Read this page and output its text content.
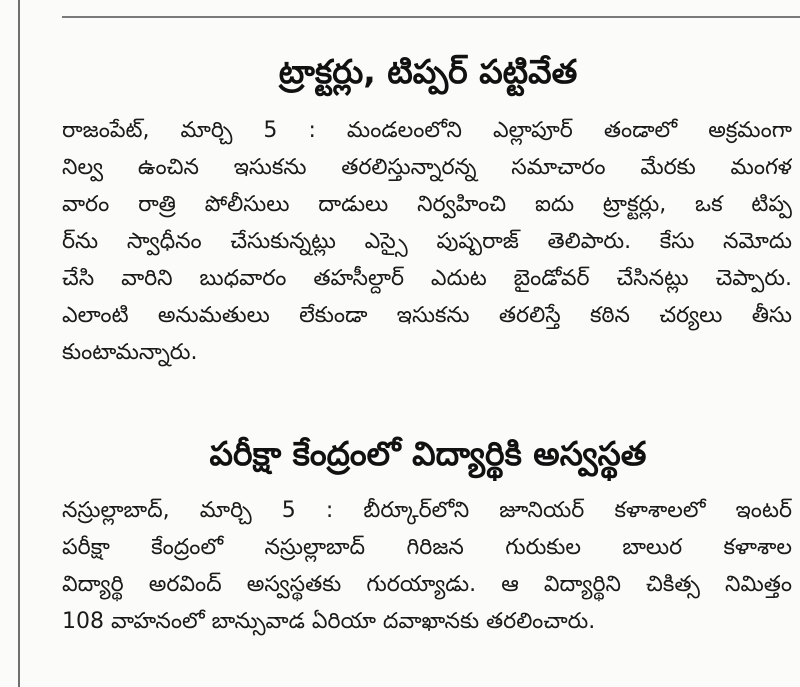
ట్రాక్టర్లు, టిప్పర్ పట్టివేత
రాజంపేట్, మార్చి 5 : మండలంలోని ఎల్లాపూర్ తండాలో అక్రమంగా
నిల్వ ఉంచిన ఇసుకను తరలిస్తున్నారన్న సమాచారం మేరకు మంగళ
వారం రాత్రి పోలీసులు దాడులు నిర్వహించి ఐదు ట్రాక్టర్లు, ఒక టిప్ప
ర్‌ను స్వాధీనం చేసుకున్నట్లు ఎస్సై పుష్పరాజ్ తెలిపారు. కేసు నమోదు
చేసి వారిని బుధవారం తహసీల్దార్ ఎదుట బైండోవర్ చేసినట్లు చెప్పారు.
ఎలాంటి అనుమతులు లేకుండా ఇసుకను తరలిస్తే కఠిన చర్యలు తీసు
కుంటామన్నారు.
పరీక్షా కేంద్రంలో విద్యార్థికి అస్వస్థత
నస్రుల్లాబాద్, మార్చి 5 : బీర్కూర్‌లోని జూనియర్ కళాశాలలో ఇంటర్
పరీక్షా కేంద్రంలో నస్రుల్లాబాద్ గిరిజన గురుకుల బాలుర కళాశాల
విద్యార్థి అరవింద్ అస్వస్థతకు గురయ్యాడు. ఆ విద్యార్థిని చికిత్స నిమిత్తం
108 వాహనంలో బాన్సువాడ ఏరియా దవాఖానకు తరలించారు.
